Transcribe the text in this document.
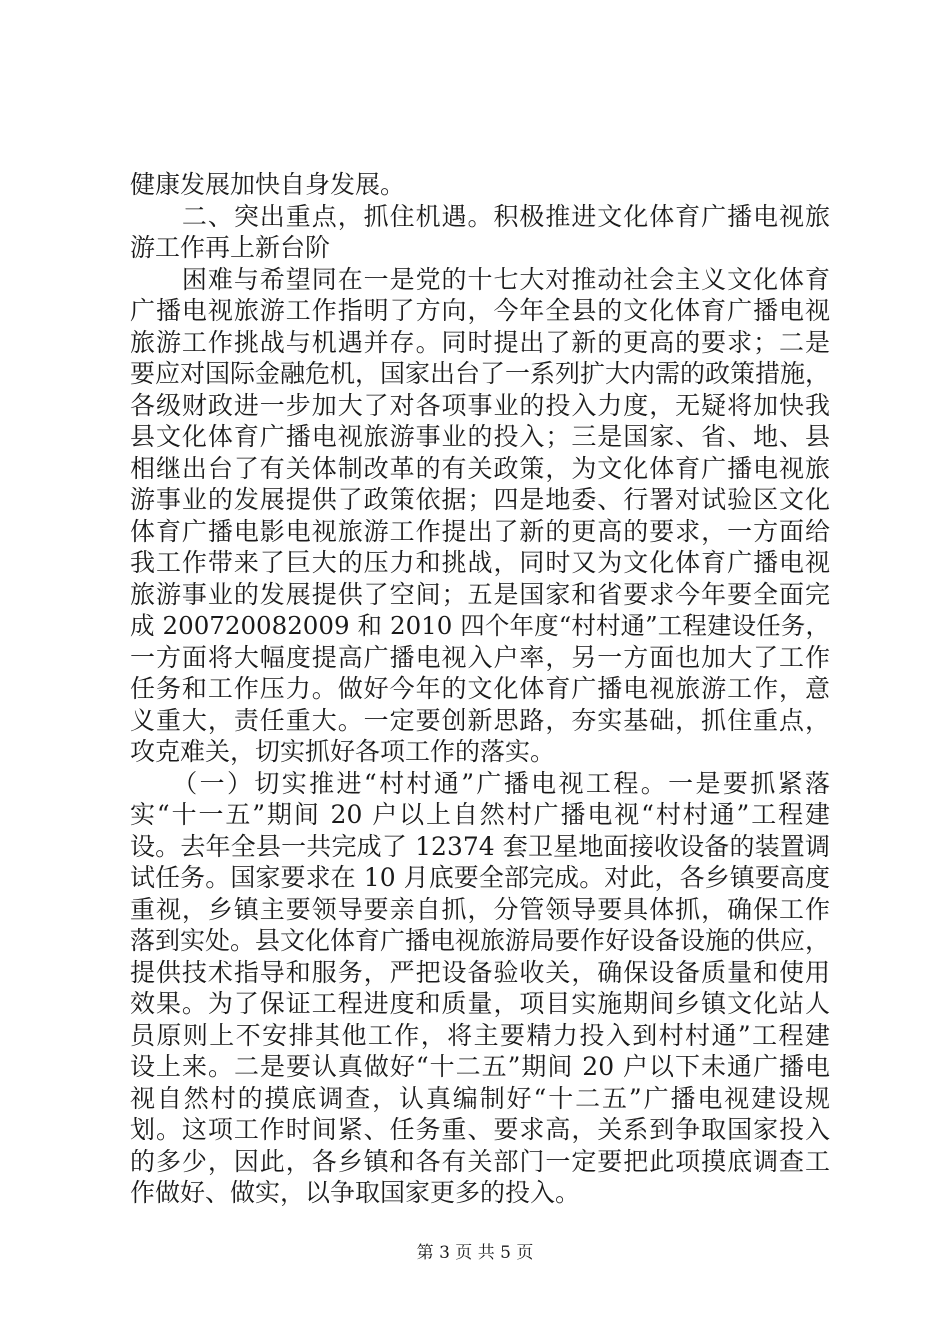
健康发展加快自身发展。
　　二、突出重点，抓住机遇。积极推进文化体育广播电视旅
游工作再上新台阶
　　困难与希望同在一是党的十七大对推动社会主义文化体育
广播电视旅游工作指明了方向，今年全县的文化体育广播电视
旅游工作挑战与机遇并存。同时提出了新的更高的要求；二是
要应对国际金融危机，国家出台了一系列扩大内需的政策措施，
各级财政进一步加大了对各项事业的投入力度，无疑将加快我
县文化体育广播电视旅游事业的投入；三是国家、省、地、县
相继出台了有关体制改革的有关政策，为文化体育广播电视旅
游事业的发展提供了政策依据；四是地委、行署对试验区文化
体育广播电影电视旅游工作提出了新的更高的要求，一方面给
我工作带来了巨大的压力和挑战，同时又为文化体育广播电视
旅游事业的发展提供了空间；五是国家和省要求今年要全面完
成 200720082009 和 2010 四个年度“村村通”工程建设任务，
一方面将大幅度提高广播电视入户率，另一方面也加大了工作
任务和工作压力。做好今年的文化体育广播电视旅游工作，意
义重大，责任重大。一定要创新思路，夯实基础，抓住重点，
攻克难关，切实抓好各项工作的落实。
　　（一）切实推进“村村通”广播电视工程。一是要抓紧落
实“十一五”期间 20 户以上自然村广播电视“村村通”工程建
设。去年全县一共完成了 12374 套卫星地面接收设备的装置调
试任务。国家要求在 10 月底要全部完成。对此，各乡镇要高度
重视，乡镇主要领导要亲自抓，分管领导要具体抓，确保工作
落到实处。县文化体育广播电视旅游局要作好设备设施的供应，
提供技术指导和服务，严把设备验收关，确保设备质量和使用
效果。为了保证工程进度和质量，项目实施期间乡镇文化站人
员原则上不安排其他工作，将主要精力投入到村村通”工程建
设上来。二是要认真做好“十二五”期间 20 户以下未通广播电
视自然村的摸底调查，认真编制好“十二五”广播电视建设规
划。这项工作时间紧、任务重、要求高，关系到争取国家投入
的多少，因此，各乡镇和各有关部门一定要把此项摸底调查工
作做好、做实，以争取国家更多的投入。
第 3 页 共 5 页
